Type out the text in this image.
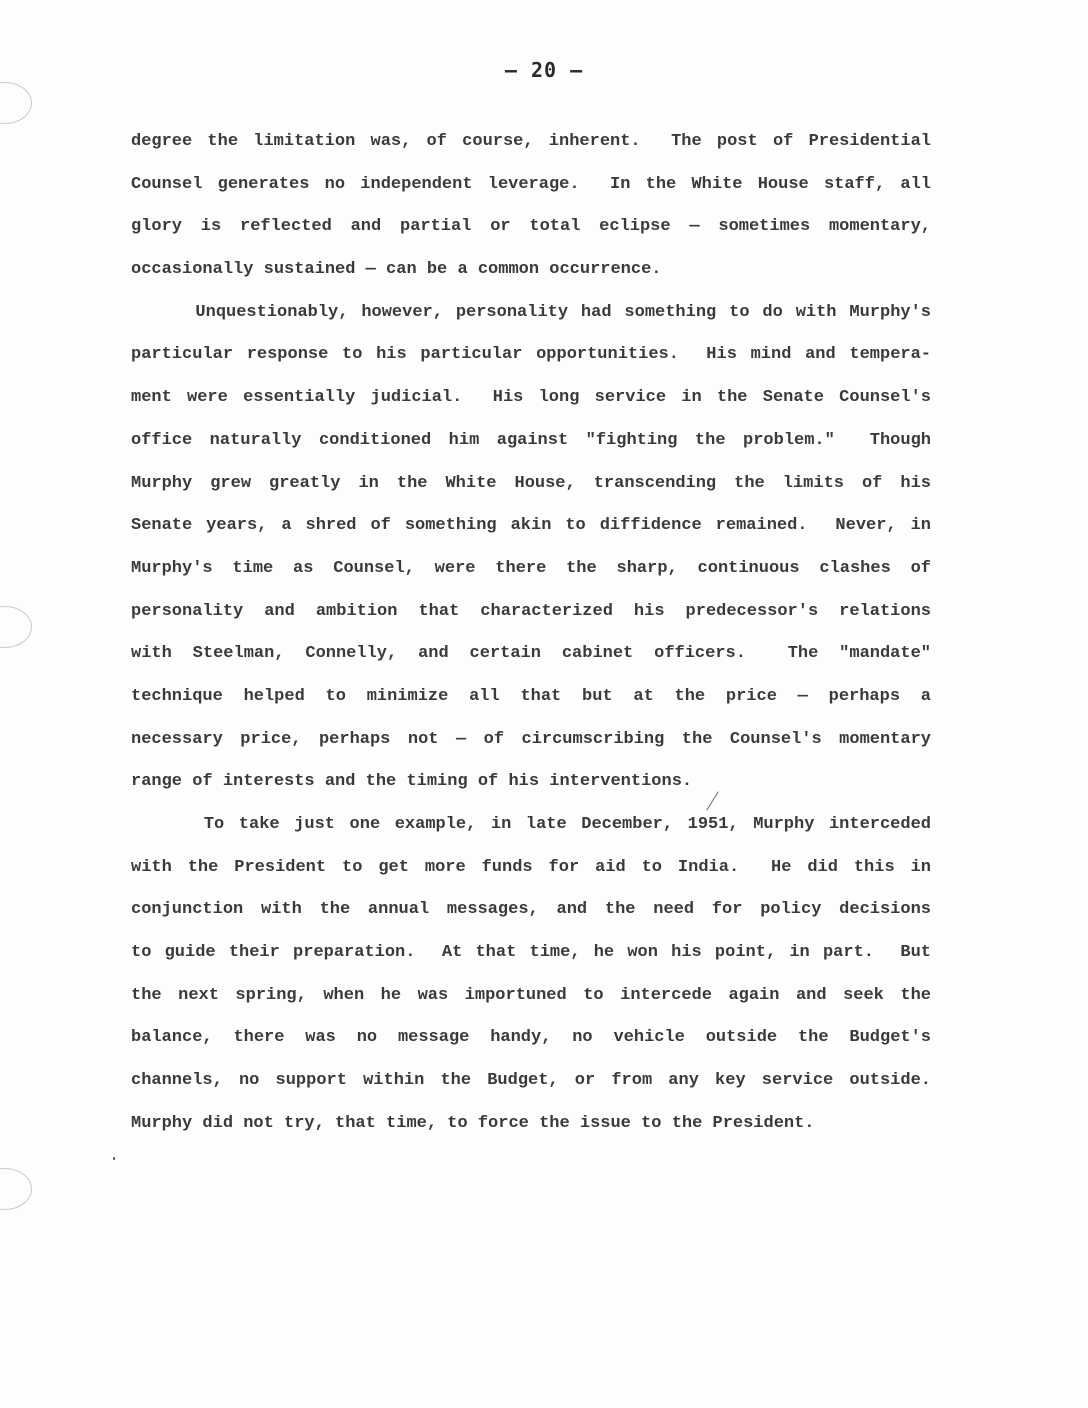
— 20 —
degree the limitation was, of course, inherent.  The post of Presidential
Counsel generates no independent leverage.  In the White House staff, all
glory is reflected and partial or total eclipse — sometimes momentary,
occasionally sustained — can be a common occurrence.
Unquestionably, however, personality had something to do with Murphy's
particular response to his particular opportunities.  His mind and tempera-
ment were essentially judicial.  His long service in the Senate Counsel's
office naturally conditioned him against "fighting the problem."  Though
Murphy grew greatly in the White House, transcending the limits of his
Senate years, a shred of something akin to diffidence remained.  Never, in
Murphy's time as Counsel, were there the sharp, continuous clashes of
personality and ambition that characterized his predecessor's relations
with Steelman, Connelly, and certain cabinet officers.  The "mandate"
technique helped to minimize all that but at the price — perhaps a
necessary price, perhaps not — of circumscribing the Counsel's momentary
range of interests and the timing of his interventions.
To take just one example, in late December, 1951, Murphy interceded
with the President to get more funds for aid to India.  He did this in
conjunction with the annual messages, and the need for policy decisions
to guide their preparation.  At that time, he won his point, in part.  But
the next spring, when he was importuned to intercede again and seek the
balance, there was no message handy, no vehicle outside the Budget's
channels, no support within the Budget, or from any key service outside.
Murphy did not try, that time, to force the issue to the President.
